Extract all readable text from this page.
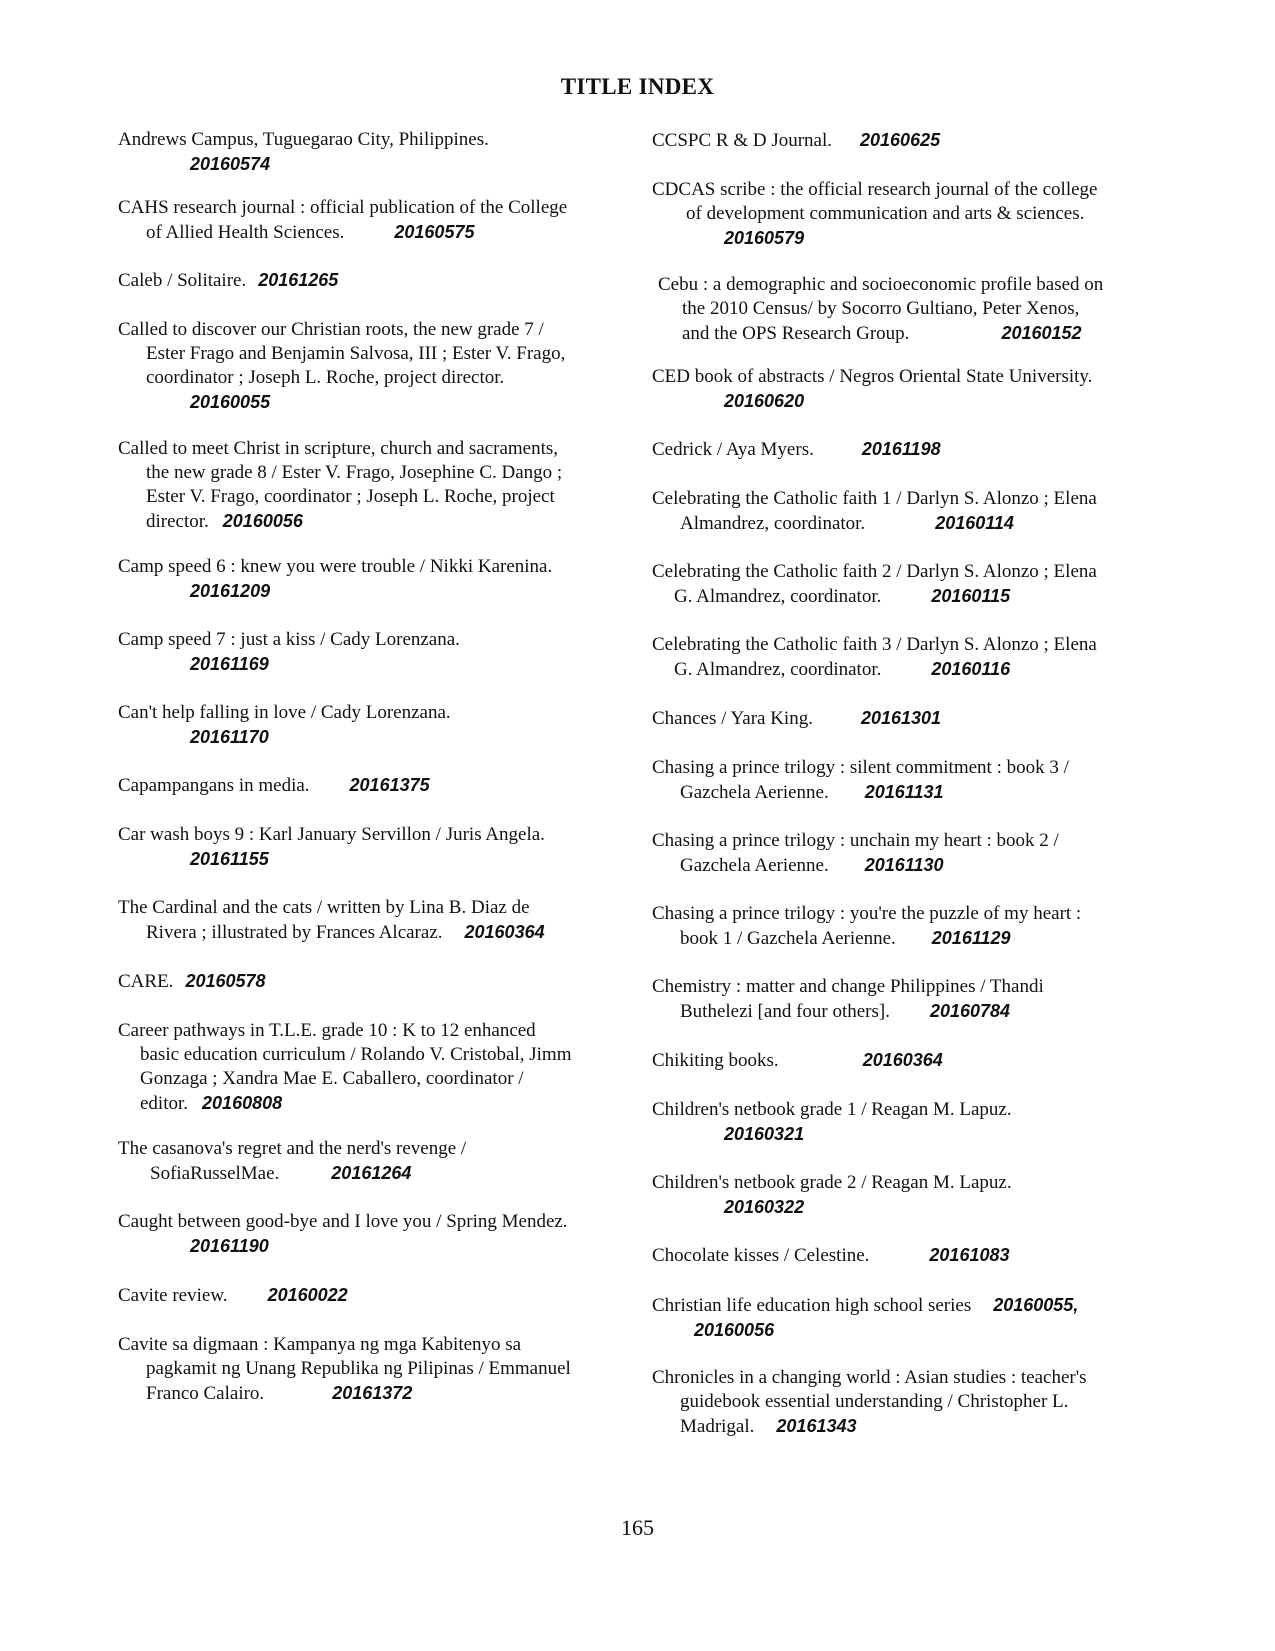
TITLE INDEX
Andrews Campus, Tuguegarao City, Philippines.
20160574
CAHS research journal : official publication of the College
of Allied Health Sciences.	20160575
Caleb / Solitaire. 20161265
Called to discover our Christian roots, the new grade 7 /
Ester Frago and Benjamin Salvosa, III ; Ester V. Frago,
coordinator ; Joseph L. Roche, project director.
20160055
Called to meet Christ in scripture, church and sacraments,
the new grade 8 / Ester V. Frago, Josephine C. Dango ;
Ester V. Frago, coordinator ; Joseph L. Roche, project
director. 20160056
Camp speed 6 : knew you were trouble / Nikki Karenina.
20161209
Camp speed 7 : just a kiss / Cady Lorenzana.
20161169
Can't help falling in love / Cady Lorenzana.
20161170
Capampangans in media. 20161375
Car wash boys 9 : Karl January Servillon / Juris Angela.
20161155
The Cardinal and the cats / written by Lina B. Diaz de
Rivera ; illustrated by Frances Alcaraz. 20160364
CARE. 20160578
Career pathways in T.L.E. grade 10 : K to 12 enhanced
basic education curriculum / Rolando V. Cristobal, Jimm
Gonzaga ; Xandra Mae E. Caballero, coordinator /
editor. 20160808
The casanova's regret and the nerd's revenge /
SofiaRusselMae.	20161264
Caught between good-bye and I love you / Spring Mendez.
20161190
Cavite review. 20160022
Cavite sa digmaan : Kampanya ng mga Kabitenyo sa
pagkamit ng Unang Republika ng Pilipinas / Emmanuel
Franco Calairo.	20161372
CCSPC R & D Journal. 20160625
CDCAS scribe : the official research journal of the college
of development communication and arts & sciences.
20160579
Cebu : a demographic and socioeconomic profile based on
the 2010 Census/ by Socorro Gultiano, Peter Xenos,
and the OPS Research Group.	20160152
CED book of abstracts / Negros Oriental State University.
20160620
Cedrick / Aya Myers.	20161198
Celebrating the Catholic faith 1 / Darlyn S. Alonzo ; Elena
Almandrez, coordinator.	20160114
Celebrating the Catholic faith 2 / Darlyn S. Alonzo ; Elena
G. Almandrez, coordinator.	20160115
Celebrating the Catholic faith 3 / Darlyn S. Alonzo ; Elena
G. Almandrez, coordinator.	20160116
Chances / Yara King.	20161301
Chasing a prince trilogy : silent commitment : book 3 /
Gazchela Aerienne. 20161131
Chasing a prince trilogy : unchain my heart : book 2 /
Gazchela Aerienne. 20161130
Chasing a prince trilogy : you're the puzzle of my heart :
book 1 / Gazchela Aerienne. 20161129
Chemistry : matter and change Philippines / Thandi
Buthelezi [and four others]. 20160784
Chikiting books.	20160364
Children's netbook grade 1 / Reagan M. Lapuz.
20160321
Children's netbook grade 2 / Reagan M. Lapuz.
20160322
Chocolate kisses / Celestine.	20161083
Christian life education high school series 20160055,
20160056
Chronicles in a changing world : Asian studies : teacher's
guidebook essential understanding / Christopher L.
Madrigal. 20161343
165
